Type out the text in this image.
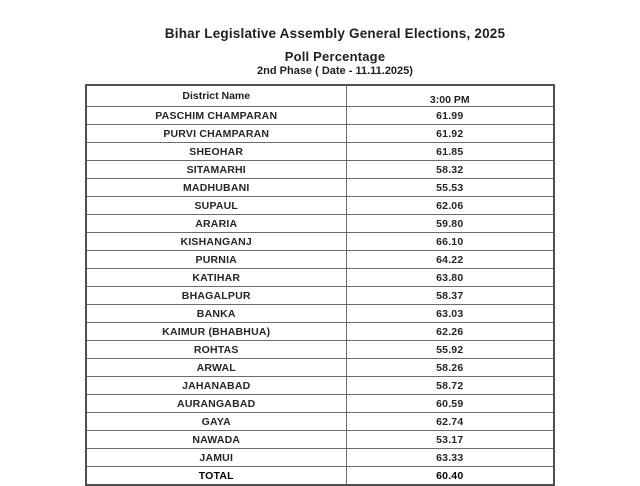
Bihar Legislative Assembly General Elections, 2025
Poll Percentage
2nd Phase ( Date - 11.11.2025)
District Name	3:00 PM
PASCHIM CHAMPARAN	61.99
PURVI CHAMPARAN	61.92
SHEOHAR	61.85
SITAMARHI	58.32
MADHUBANI	55.53
SUPAUL	62.06
ARARIA	59.80
KISHANGANJ	66.10
PURNIA	64.22
KATIHAR	63.80
BHAGALPUR	58.37
BANKA	63.03
KAIMUR (BHABHUA)	62.26
ROHTAS	55.92
ARWAL	58.26
JAHANABAD	58.72
AURANGABAD	60.59
GAYA	62.74
NAWADA	53.17
JAMUI	63.33
TOTAL	60.40
